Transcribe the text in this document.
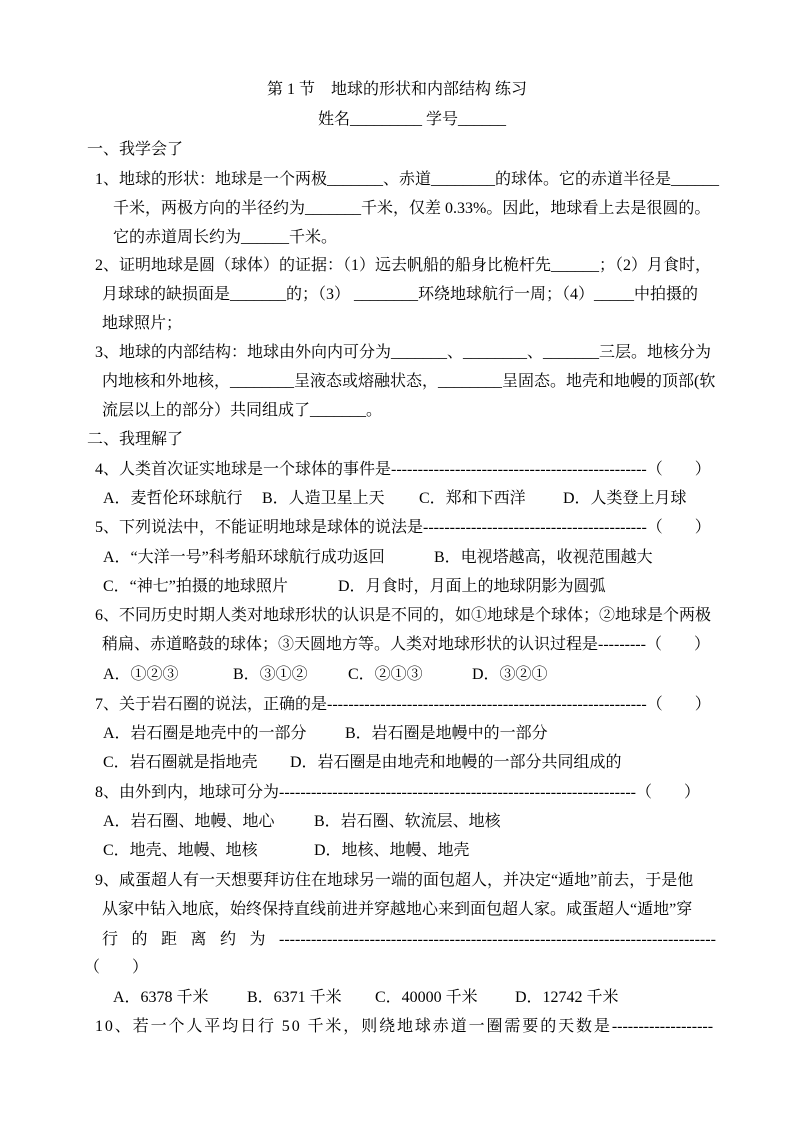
第 1 节　地球的形状和内部结构 练习
姓名_________ 学号______
一、我学会了
1、地球的形状：地球是一个两极_______、赤道________的球体。它的赤道半径是______
千米，两极方向的半径约为_______千米，仅差 0.33%。因此，地球看上去是很圆的。
它的赤道周长约为______千米。
2、证明地球是圆（球体）的证据：（1）远去帆船的船身比桅杆先______；（2）月食时，
月球球的缺损面是_______的；（3） ________环绕地球航行一周；（4）_____中拍摄的
地球照片；
3、地球的内部结构：地球由外向内可分为_______、________、_______三层。地核分为
内地核和外地核，________呈液态或熔融状态，________呈固态。地壳和地幔的顶部(软
流层以上的部分）共同组成了_______。
二、我理解了
4、人类首次证实地球是一个球体的事件是------------------------------------------------（　　）
A．麦哲伦环球航行 B．人造卫星上天 C．郑和下西洋 D．人类登上月球
5、下列说法中，不能证明地球是球体的说法是------------------------------------------（　　）
A．“大洋一号”科考船环球航行成功返回	B．电视塔越高，收视范围越大
C．“神七”拍摄的地球照片	D．月食时，月面上的地球阴影为圆弧
6、不同历史时期人类对地球形状的认识是不同的，如①地球是个球体；②地球是个两极
稍扁、赤道略鼓的球体；③天圆地方等。人类对地球形状的认识过程是---------（　　）
A．①②③	B．③①②	C．②①③	D．③②①
7、关于岩石圈的说法，正确的是------------------------------------------------------------（　　）
A．岩石圈是地壳中的一部分 B．岩石圈是地幔中的一部分
C．岩石圈就是指地壳 D．岩石圈是由地壳和地幔的一部分共同组成的
8、由外到内，地球可分为-------------------------------------------------------------------（　　）
A．岩石圈、地幔、地心 B．岩石圈、软流层、地核
C．地壳、地幔、地核	D．地核、地幔、地壳
9、咸蛋超人有一天想要拜访住在地球另一端的面包超人，并决定“遁地”前去，于是他
从家中钻入地底，始终保持直线前进并穿越地心来到面包超人家。咸蛋超人“遁地”穿
行 的 距 离 约 为 ----------------------------------------------------------------------------------
（　　）
A．6378 千米 B．6371 千米 C．40000 千米 D．12742 千米
10、若一个人平均日行 50 千米，则绕地球赤道一圈需要的天数是-------------------
